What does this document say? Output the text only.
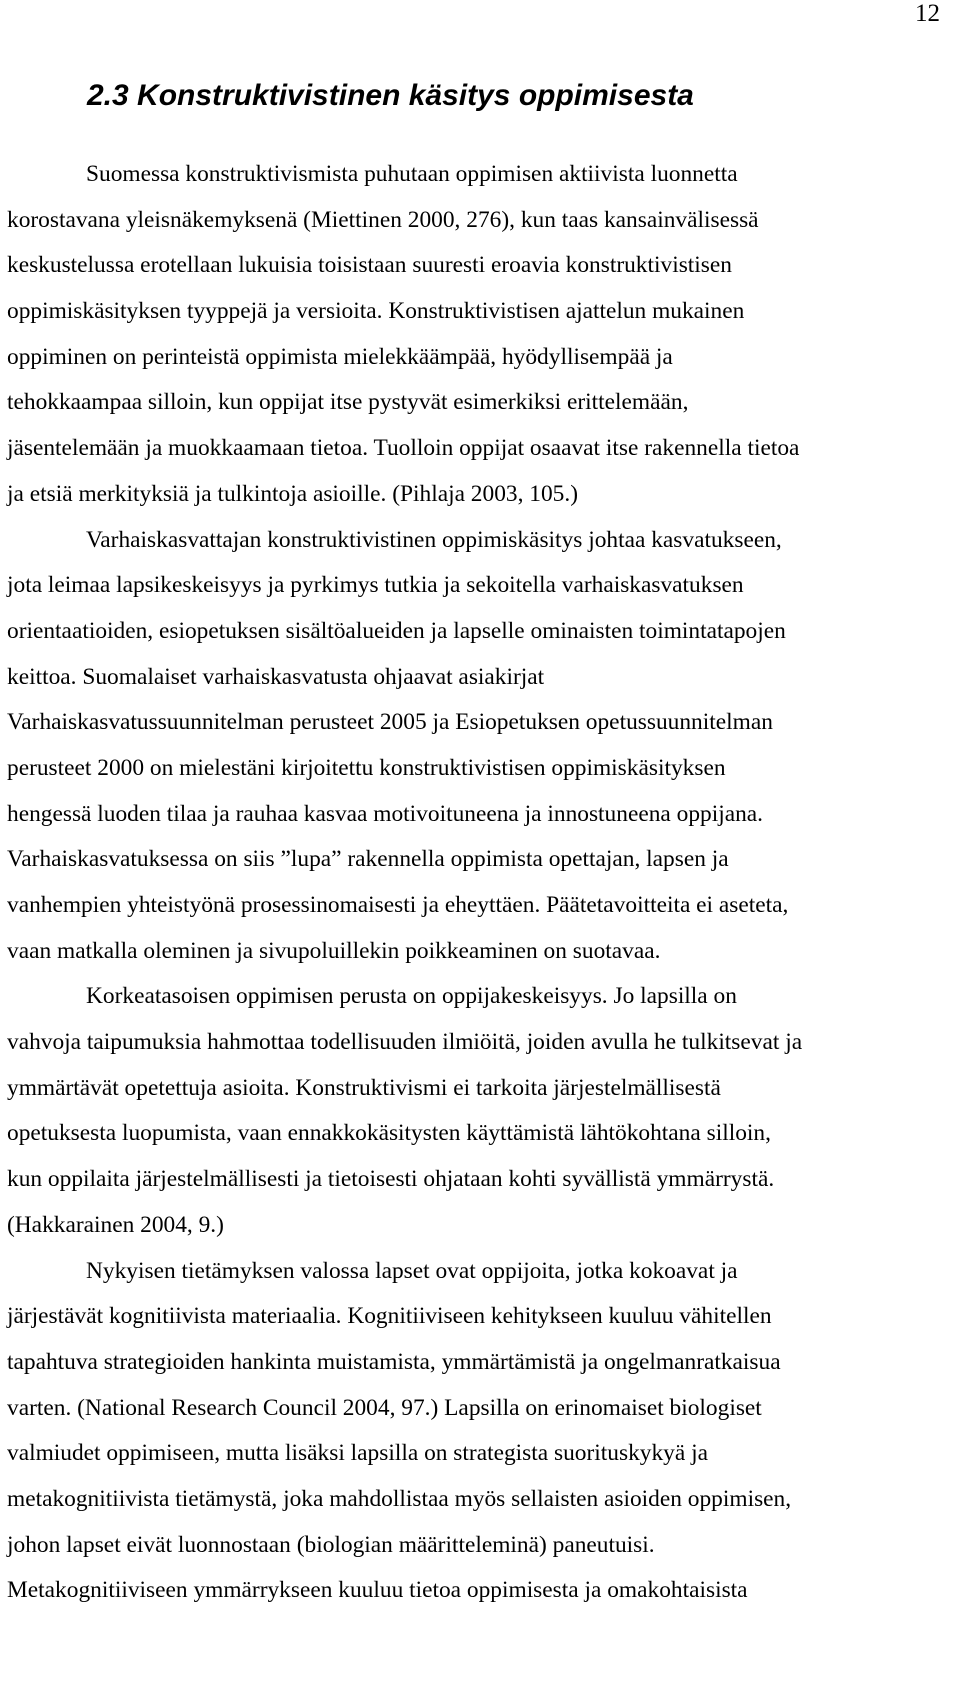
12
2.3 Konstruktivistinen käsitys oppimisesta
Suomessa konstruktivismista puhutaan oppimisen aktiivista luonnetta
korostavana yleisnäkemyksenä (Miettinen 2000, 276), kun taas kansainvälisessä
keskustelussa erotellaan lukuisia toisistaan suuresti eroavia konstruktivistisen
oppimiskäsityksen tyyppejä ja versioita. Konstruktivistisen ajattelun mukainen
oppiminen on perinteistä oppimista mielekkäämpää, hyödyllisempää ja
tehokkaampaa silloin, kun oppijat itse pystyvät esimerkiksi erittelemään,
jäsentelemään ja muokkaamaan tietoa. Tuolloin oppijat osaavat itse rakennella tietoa
ja etsiä merkityksiä ja tulkintoja asioille. (Pihlaja 2003, 105.)
Varhaiskasvattajan konstruktivistinen oppimiskäsitys johtaa kasvatukseen,
jota leimaa lapsikeskeisyys ja pyrkimys tutkia ja sekoitella varhaiskasvatuksen
orientaatioiden, esiopetuksen sisältöalueiden ja lapselle ominaisten toimintatapojen
keittoa. Suomalaiset varhaiskasvatusta ohjaavat asiakirjat
Varhaiskasvatussuunnitelman perusteet 2005 ja Esiopetuksen opetussuunnitelman
perusteet 2000 on mielestäni kirjoitettu konstruktivistisen oppimiskäsityksen
hengessä luoden tilaa ja rauhaa kasvaa motivoituneena ja innostuneena oppijana.
Varhaiskasvatuksessa on siis ”lupa” rakennella oppimista opettajan, lapsen ja
vanhempien yhteistyönä prosessinomaisesti ja eheyttäen. Päätetavoitteita ei aseteta,
vaan matkalla oleminen ja sivupoluillekin poikkeaminen on suotavaa.
Korkeatasoisen oppimisen perusta on oppijakeskeisyys. Jo lapsilla on
vahvoja taipumuksia hahmottaa todellisuuden ilmiöitä, joiden avulla he tulkitsevat ja
ymmärtävät opetettuja asioita. Konstruktivismi ei tarkoita järjestelmällisestä
opetuksesta luopumista, vaan ennakkokäsitysten käyttämistä lähtökohtana silloin,
kun oppilaita järjestelmällisesti ja tietoisesti ohjataan kohti syvällistä ymmärrystä.
(Hakkarainen 2004, 9.)
Nykyisen tietämyksen valossa lapset ovat oppijoita, jotka kokoavat ja
järjestävät kognitiivista materiaalia. Kognitiiviseen kehitykseen kuuluu vähitellen
tapahtuva strategioiden hankinta muistamista, ymmärtämistä ja ongelmanratkaisua
varten. (National Research Council 2004, 97.) Lapsilla on erinomaiset biologiset
valmiudet oppimiseen, mutta lisäksi lapsilla on strategista suorituskykyä ja
metakognitiivista tietämystä, joka mahdollistaa myös sellaisten asioiden oppimisen,
johon lapset eivät luonnostaan (biologian määritteleminä) paneutuisi.
Metakognitiiviseen ymmärrykseen kuuluu tietoa oppimisesta ja omakohtaisista
